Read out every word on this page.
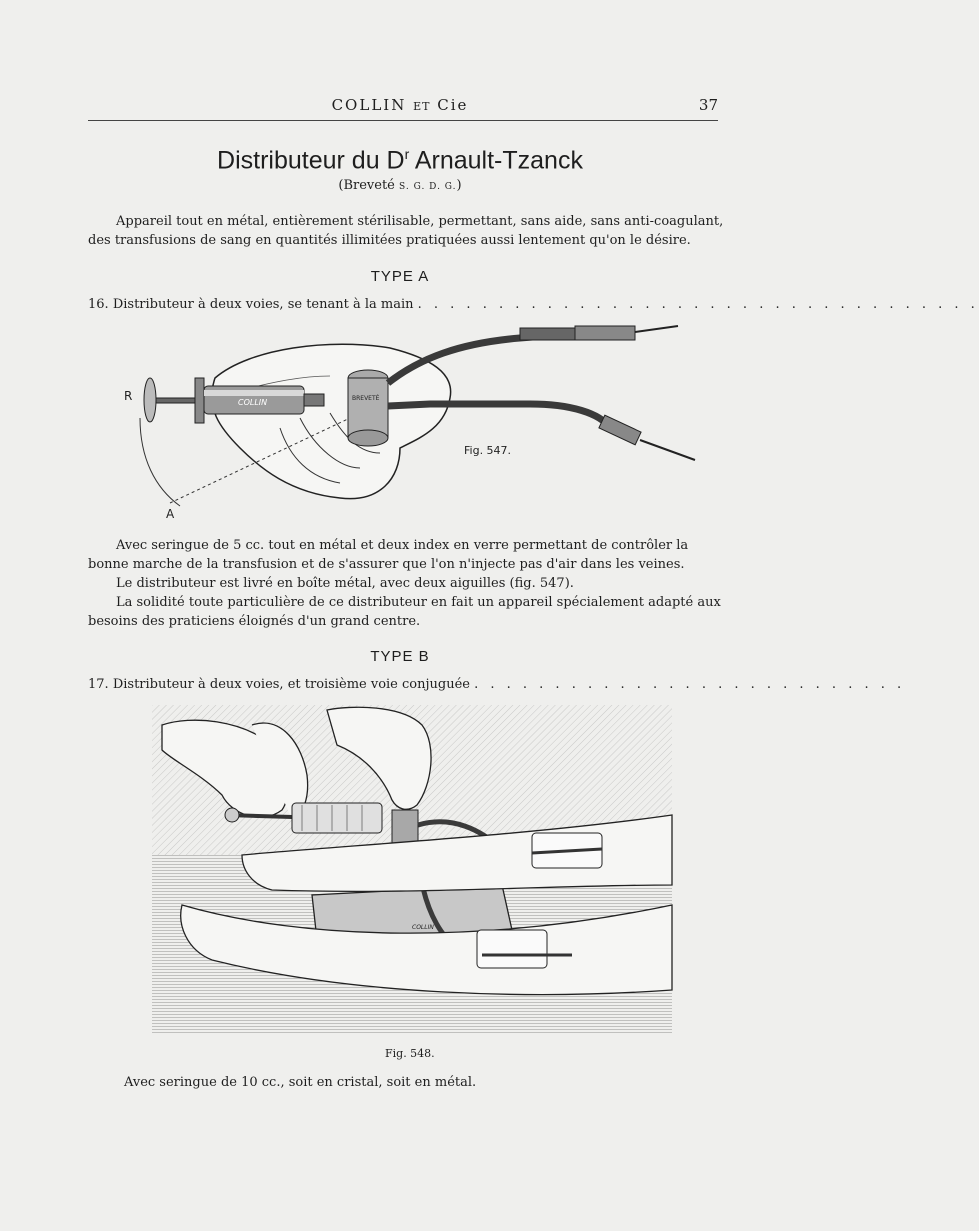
COLLIN ET Cie	37
Distributeur du $D^r$ Arnault-Tzanck
(Breveté S. G. D. G.)
Appareil tout en métal, entièrement stérilisable, permettant, sans aide, sans anti-coagulant, des transfusions de sang en quantités illimitées pratiquées aussi lentement qu'on le désire.
TYPE A
16. Distributeur à deux voies, se tenant à la main . . . . . . . . . . . . . . . . . . . . . . . . . . . . . . . . . . .
COLLIN	BREVETÉ
R
A
Fig. 547.

Avec seringue de 5 cc. tout en métal et deux index en verre permettant de contrôler la bonne marche de la transfusion et de s'assurer que l'on n'injecte pas d'air dans les veines.

Le distributeur est livré en boîte métal, avec deux aiguilles (fig. 547).

La solidité toute particulière de ce distributeur en fait un appareil spécialement adapté aux besoins des praticiens éloignés d'un grand centre.

TYPE B
17. Distributeur à deux voies, et troisième voie conjuguée . . . . . . . . . . . . . . . . . . . . . . . . . . .
COLLIN
Fig. 548.
Avec seringue de 10 cc., soit en cristal, soit en métal.
